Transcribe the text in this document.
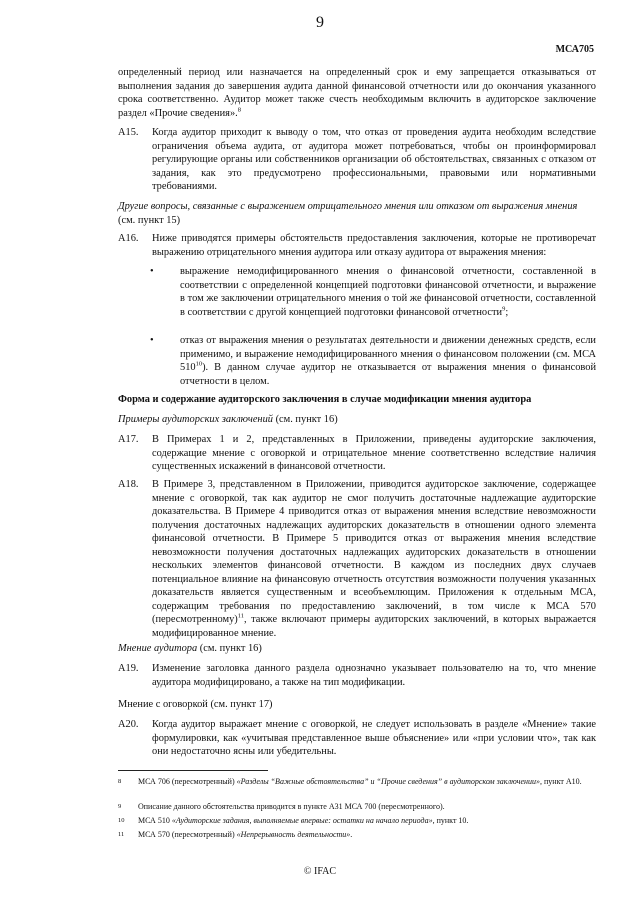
9
МСА705
определенный период или назначается на определенный срок и ему запрещается отказываться от выполнения задания до завершения аудита данной финансовой отчетности или до окончания указанного срока соответственно. Аудитор может также счесть необходимым включить в аудиторское заключение раздел «Прочие сведения».$^8$
А15. Когда аудитор приходит к выводу о том, что отказ от проведения аудита необходим вследствие ограничения объема аудита, от аудитора может потребоваться, чтобы он проинформировал регулирующие органы или собственников организации об обстоятельствах, связанных с отказом от задания, как это предусмотрено профессиональными, правовыми или нормативными требованиями.
Другие вопросы, связанные с выражением отрицательного мнения или отказом от выражения мнения (см. пункт 15)
А16. Ниже приводятся примеры обстоятельств предоставления заключения, которые не противоречат выражению отрицательного мнения аудитора или отказу аудитора от выражения мнения:
•	выражение немодифицированного мнения о финансовой отчетности, составленной в соответствии с определенной концепцией подготовки финансовой отчетности, и выражение в том же заключении отрицательного мнения о той же финансовой отчетности, составленной в соответствии с другой концепцией подготовки финансовой отчетности$^9$;
•	отказ от выражения мнения о результатах деятельности и движении денежных средств, если применимо, и выражение немодифицированного мнения о финансовом положении (см. МСА $510^{10}$). В данном случае аудитор не отказывается от выражения мнения о финансовой отчетности в целом.
Форма и содержание аудиторского заключения в случае модификации мнения аудитора
Примеры аудиторских заключений (см. пункт 16)
А17. В Примерах 1 и 2, представленных в Приложении, приведены аудиторские заключения, содержащие мнение с оговоркой и отрицательное мнение соответственно вследствие наличия существенных искажений в финансовой отчетности.
А18. В Примере 3, представленном в Приложении, приводится аудиторское заключение, содержащее мнение с оговоркой, так как аудитор не смог получить достаточные надлежащие аудиторские доказательства. В Примере 4 приводится отказ от выражения мнения вследствие невозможности получения достаточных надлежащих аудиторских доказательств в отношении одного элемента финансовой отчетности. В Примере 5 приводится отказ от выражения мнения вследствие невозможности получения достаточных надлежащих аудиторских доказательств в отношении нескольких элементов финансовой отчетности. В каждом из последних двух случаев потенциальное влияние на финансовую отчетность отсутствия возможности получения указанных доказательств является существенным и всеобъемлющим. Приложения к отдельным МСА, содержащим требования по предоставлению заключений, в том числе к МСА 570 (пересмотренному)$^{11}$, также включают примеры аудиторских заключений, в которых выражается модифицированное мнение.
Мнение аудитора (см. пункт 16)
А19. Изменение заголовка данного раздела однозначно указывает пользователю на то, что мнение аудитора модифицировано, а также на тип модификации.
Мнение с оговоркой (см. пункт 17)
А20. Когда аудитор выражает мнение с оговоркой, не следует использовать в разделе «Мнение» такие формулировки, как «учитывая представленное выше объяснение» или «при условии что», так как они недостаточно ясны или убедительны.
8 МСА 706 (пересмотренный) «Разделы “Важные обстоятельства” и “Прочие сведения” в аудиторском заключении», пункт А10.
9 Описание данного обстоятельства приводится в пункте А31 МСА 700 (пересмотренного).
10 МСА 510 «Аудиторские задания, выполняемые впервые: остатки на начало периода», пункт 10.
11 МСА 570 (пересмотренный) «Непрерывность деятельности».
© IFAC
